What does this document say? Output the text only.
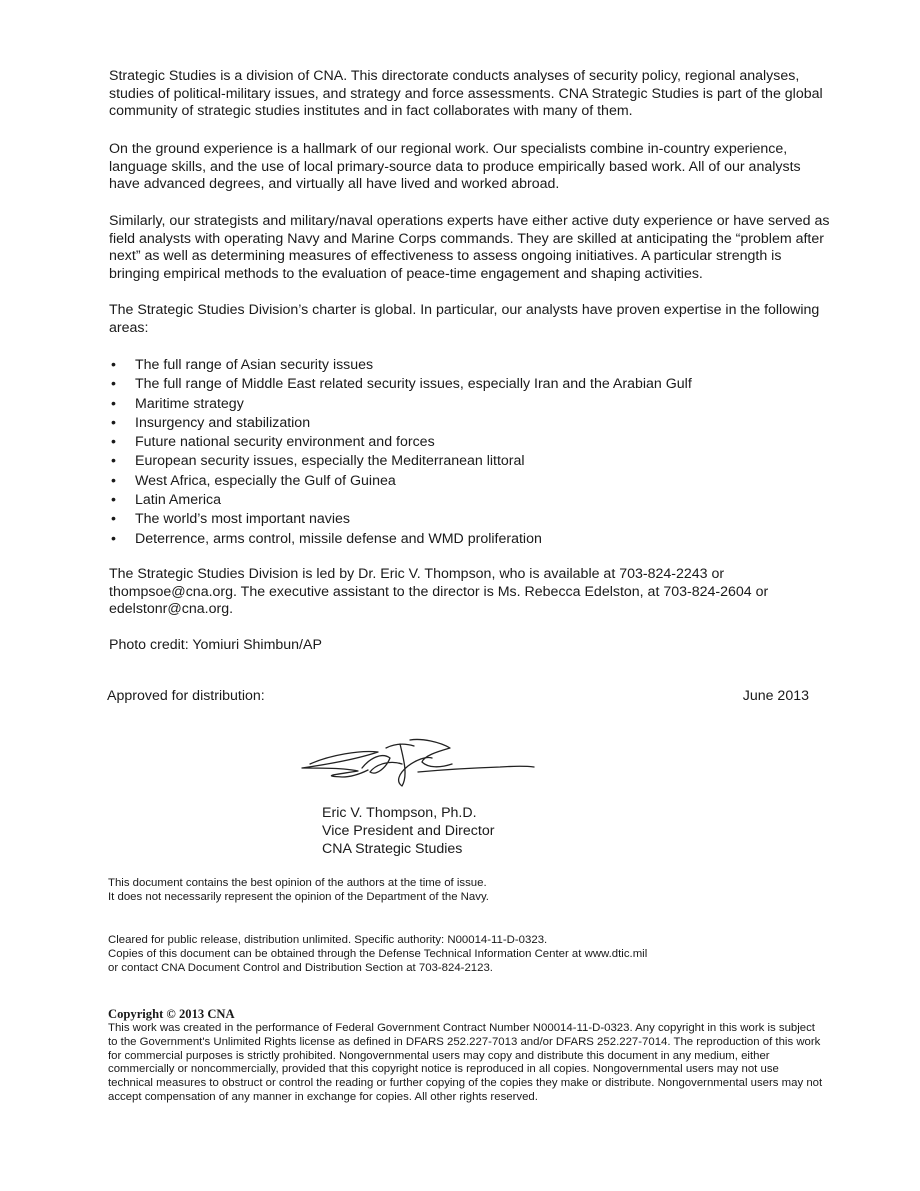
Strategic Studies is a division of CNA. This directorate conducts analyses of security policy, regional analyses, studies of political-military issues, and strategy and force assessments. CNA Strategic Studies is part of the global community of strategic studies institutes and in fact collaborates with many of them.

On the ground experience is a hallmark of our regional work. Our specialists combine in-country experience, language skills, and the use of local primary-source data to produce empirically based work. All of our analysts have advanced degrees, and virtually all have lived and worked abroad.

Similarly, our strategists and military/naval operations experts have either active duty experience or have served as field analysts with operating Navy and Marine Corps commands. They are skilled at anticipating the “problem after next” as well as determining measures of effectiveness to assess ongoing initiatives. A particular strength is bringing empirical methods to the evaluation of peace-time engagement and shaping activities.

The Strategic Studies Division’s charter is global. In particular, our analysts have proven expertise in the following areas:

• The full range of Asian security issues
• The full range of Middle East related security issues, especially Iran and the Arabian Gulf
• Maritime strategy
• Insurgency and stabilization
• Future national security environment and forces
• European security issues, especially the Mediterranean littoral
• West Africa, especially the Gulf of Guinea
• Latin America
• The world’s most important navies
• Deterrence, arms control, missile defense and WMD proliferation

The Strategic Studies Division is led by Dr. Eric V. Thompson, who is available at 703-824-2243 or thompsoe@cna.org. The executive assistant to the director is Ms. Rebecca Edelston, at 703-824-2604 or edelstonr@cna.org.

Photo credit: Yomiuri Shimbun/AP

Approved for distribution:	June 2013
Eric V. Thompson, Ph.D.
Vice President and Director
CNA Strategic Studies
This document contains the best opinion of the authors at the time of issue.
It does not necessarily represent the opinion of the Department of the Navy.
Cleared for public release, distribution unlimited. Specific authority: N00014-11-D-0323.
Copies of this document can be obtained through the Defense Technical Information Center at www.dtic.mil
or contact CNA Document Control and Distribution Section at 703-824-2123.
Copyright © 2013 CNA
This work was created in the performance of Federal Government Contract Number N00014-11-D-0323. Any copyright in this work is subject to the Government's Unlimited Rights license as defined in DFARS 252.227-7013 and/or DFARS 252.227-7014. The reproduction of this work for commercial purposes is strictly prohibited. Nongovernmental users may copy and distribute this document in any medium, either commercially or noncommercially, provided that this copyright notice is reproduced in all copies. Nongovernmental users may not use technical measures to obstruct or control the reading or further copying of the copies they make or distribute. Nongovernmental users may not accept compensation of any manner in exchange for copies. All other rights reserved.
